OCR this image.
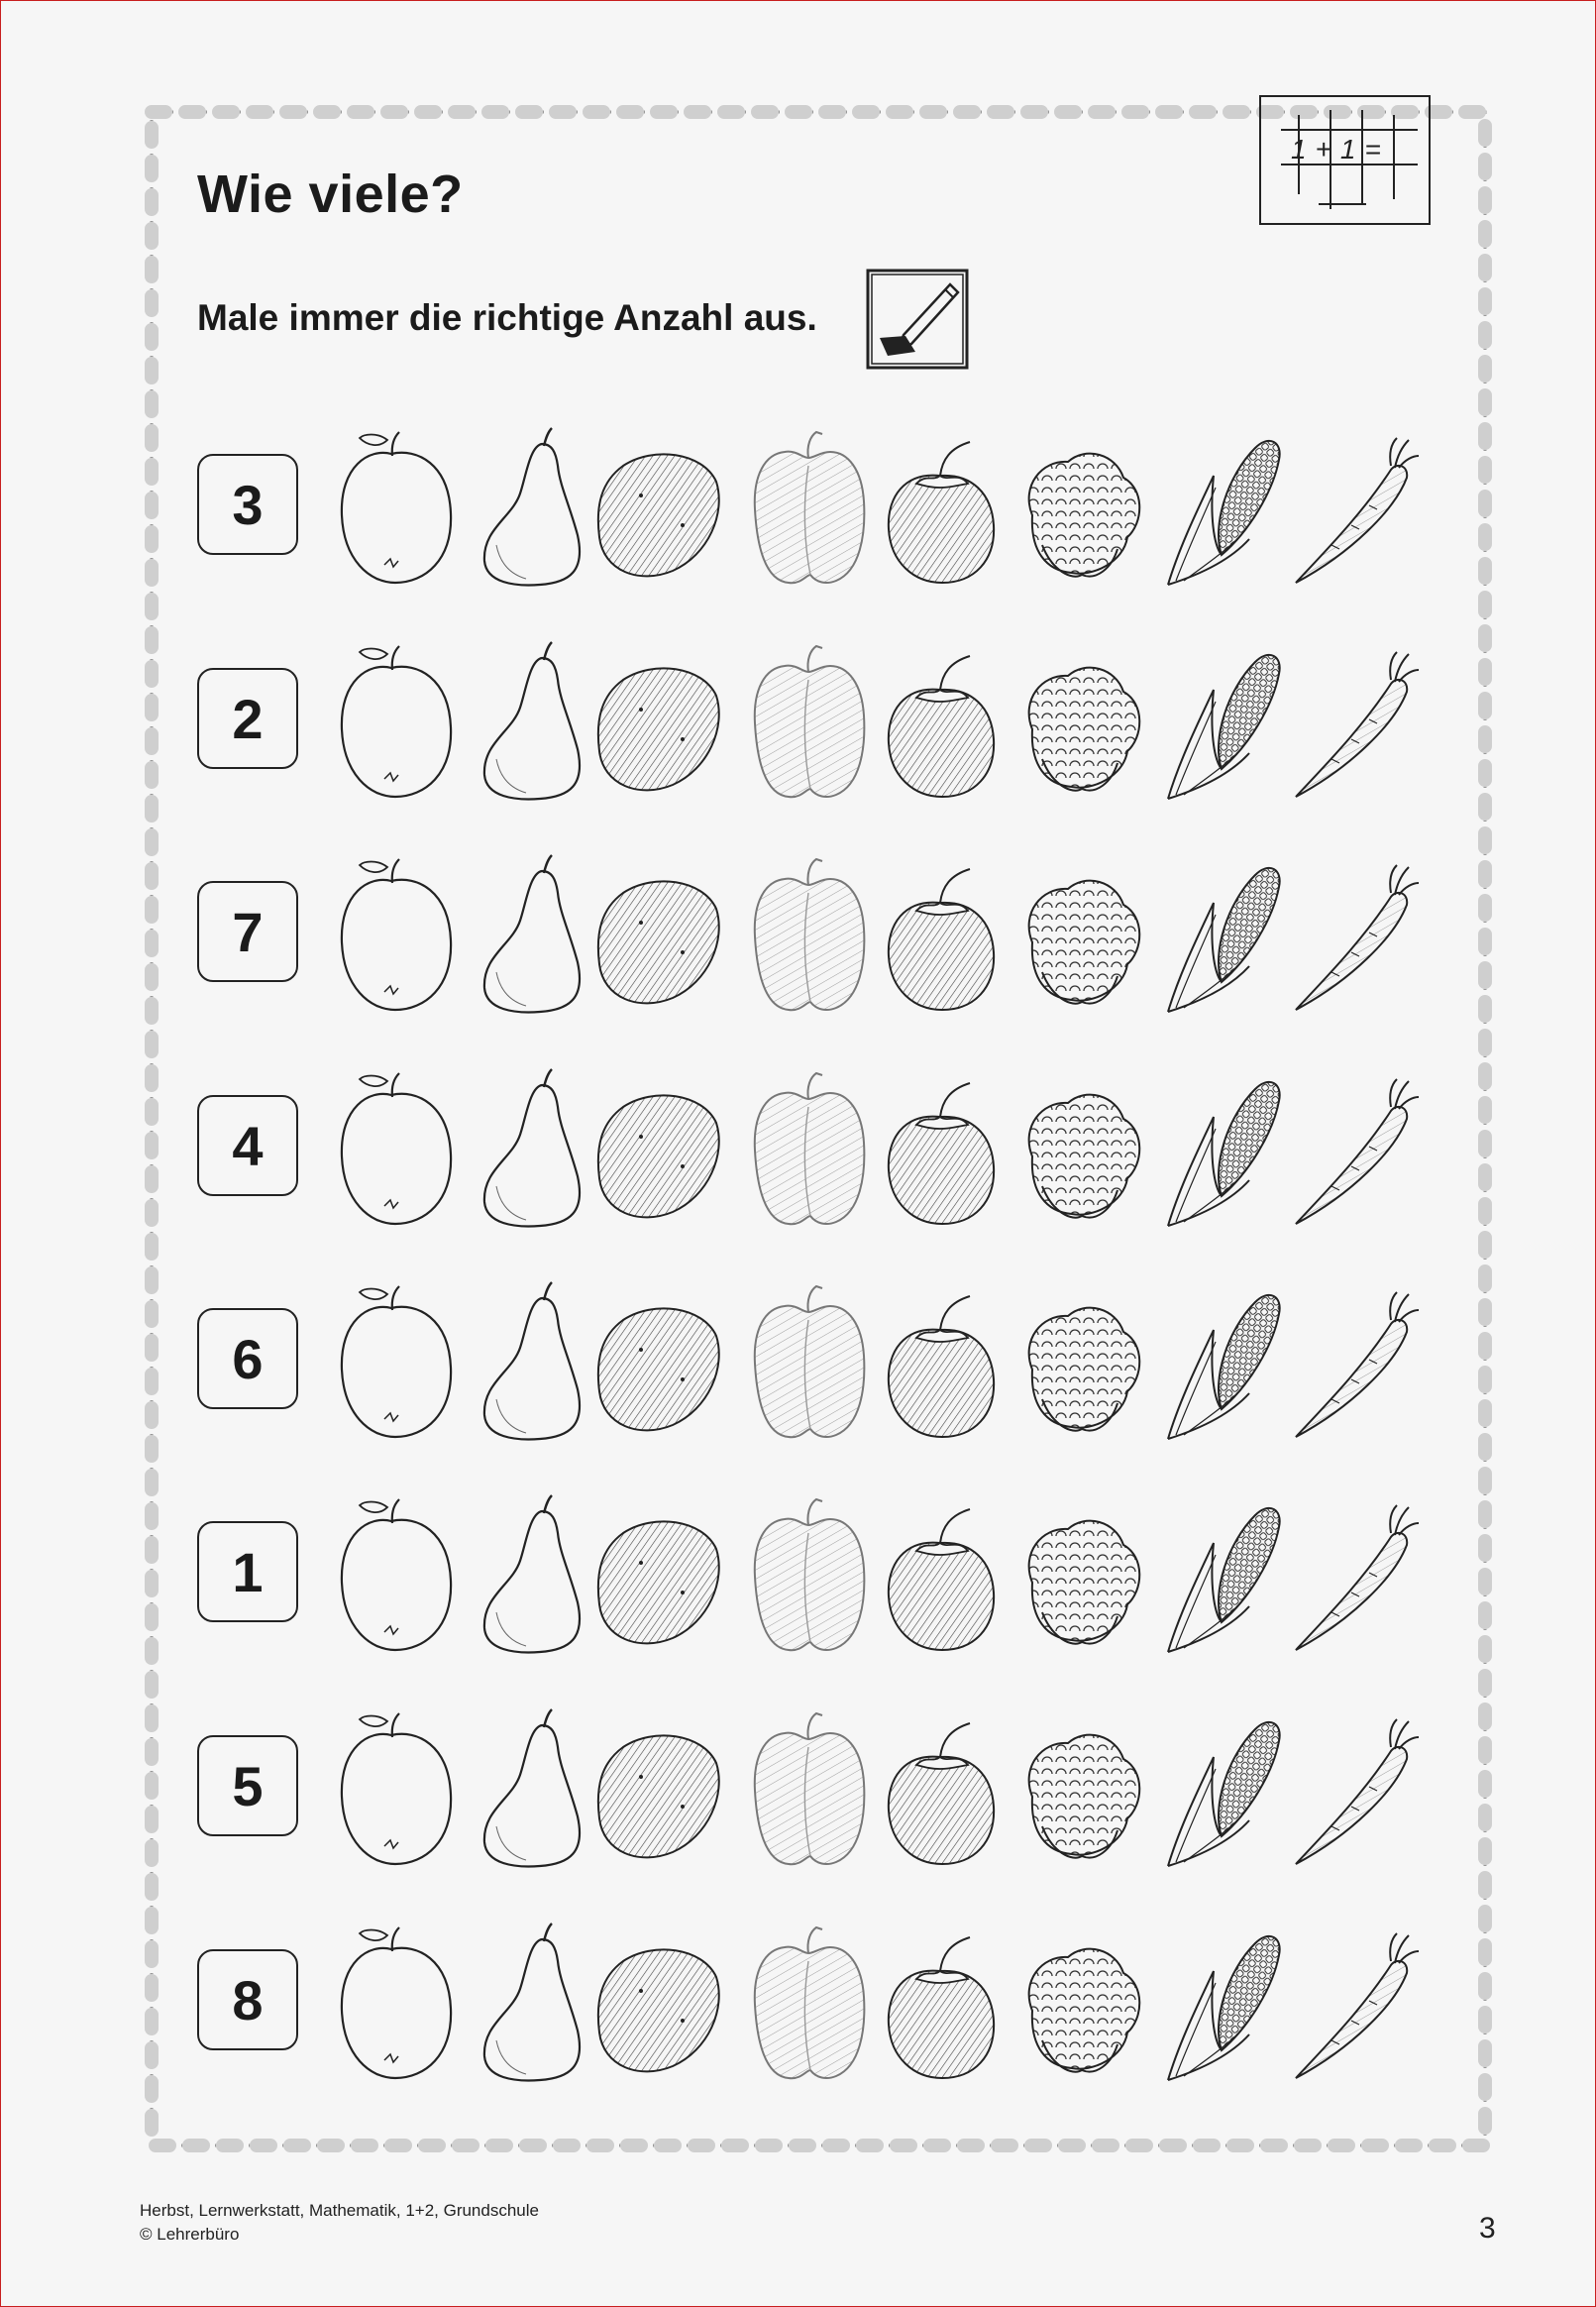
Wie viele?
1+1=
Male immer die richtige Anzahl aus.
3
2
7
4
6
1
5
8
Herbst, Lernwerkstatt, Mathematik, 1+2, Grundschule
© Lehrerbüro	3
